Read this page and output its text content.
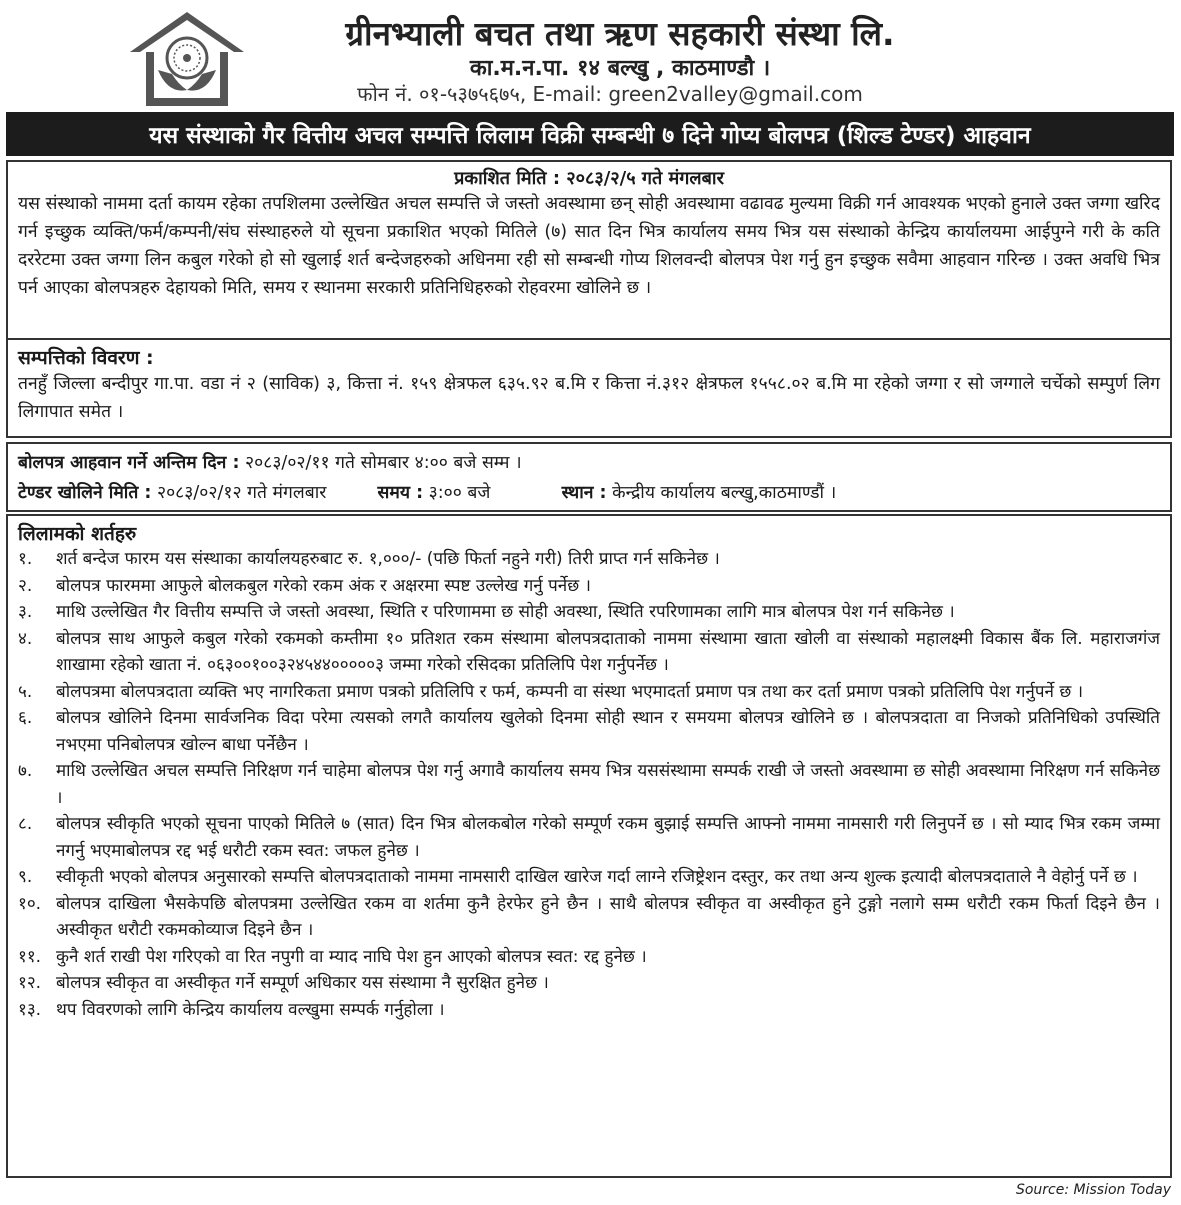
ग्रीनभ्याली बचत तथा ऋण सहकारी संस्था लि.
का.म.न.पा. १४ बल्खु , काठमाण्डौ ।
फोन नं. ०१-५३७५६७५, E-mail: green2valley@gmail.com
यस संस्थाको गैर वित्तीय अचल सम्पत्ति लिलाम विक्री सम्बन्धी ७ दिने गोप्य बोलपत्र (शिल्ड टेण्डर) आहवान
प्रकाशित मिति : २०८३/२/५ गते मंगलबार
यस संस्थाको नाममा दर्ता कायम रहेका तपशिलमा उल्लेखित अचल सम्पत्ति जे जस्तो अवस्थामा छन् सोही अवस्थामा वढावढ मुल्यमा विक्री गर्न आवश्यक भएको हुनाले उक्त जग्गा खरिद गर्न इच्छुक व्यक्ति/फर्म/कम्पनी/संघ संस्थाहरुले यो सूचना प्रकाशित भएको मितिले (७) सात दिन भित्र कार्यालय समय भित्र यस संस्थाको केन्द्रिय कार्यालयमा आईपुग्ने गरी के कति दररेटमा उक्त जग्गा लिन कबुल गरेको हो सो खुलाई शर्त बन्देजहरुको अधिनमा रही सो सम्बन्धी गोप्य शिलवन्दी बोलपत्र पेश गर्नु हुन इच्छुक सवैमा आहवान गरिन्छ । उक्त अवधि भित्र पर्न आएका बोलपत्रहरु देहायको मिति, समय र स्थानमा सरकारी प्रतिनिधिहरुको रोहवरमा खोलिने छ ।
सम्पत्तिको विवरण :
तनहुँ जिल्ला बन्दीपुर गा.पा. वडा नं २ (साविक) ३, कित्ता नं. १५९ क्षेत्रफल ६३५.९२ ब.मि र कित्ता नं.३१२ क्षेत्रफल १५५८.०२ ब.मि मा रहेको जग्गा र सो जग्गाले चर्चेको सम्पुर्ण लिग लिगापात समेत ।
बोलपत्र आहवान गर्ने अन्तिम दिन : २०८३/०२/११ गते सोमबार ४:०० बजे सम्म ।
टेण्डर खोलिने मिति : २०८३/०२/१२ गते मंगलबार	समय : ३:०० बजे	स्थान : केन्द्रीय कार्यालय बल्खु,काठमाण्डौं ।
लिलामको शर्तहरु
१.	शर्त बन्देज फारम यस संस्थाका कार्यालयहरुबाट रु. १,०००/- (पछि फिर्ता नहुने गरी) तिरी प्राप्त गर्न सकिनेछ ।
२.	बोलपत्र फारममा आफुले बोलकबुल गरेको रकम अंक र अक्षरमा स्पष्ट उल्लेख गर्नु पर्नेछ ।
३.	माथि उल्लेखित गैर वित्तीय सम्पत्ति जे जस्तो अवस्था, स्थिति र परिणाममा छ सोही अवस्था, स्थिति रपरिणामका लागि मात्र बोलपत्र पेश गर्न सकिनेछ ।
४.	बोलपत्र साथ आफुले कबुल गरेको रकमको कम्तीमा १० प्रतिशत रकम संस्थामा बोलपत्रदाताको नाममा संस्थामा खाता खोली वा संस्थाको महालक्ष्मी विकास बैंक लि. महाराजगंज शाखामा रहेको खाता नं. ०६३००१००३२४५४४०००००३ जम्मा गरेको रसिदका प्रतिलिपि पेश गर्नुपर्नेछ ।
५.	बोलपत्रमा बोलपत्रदाता व्यक्ति भए नागरिकता प्रमाण पत्रको प्रतिलिपि र फर्म, कम्पनी वा संस्था भएमादर्ता प्रमाण पत्र तथा कर दर्ता प्रमाण पत्रको प्रतिलिपि पेश गर्नुपर्ने छ ।
६.	बोलपत्र खोलिने दिनमा सार्वजनिक विदा परेमा त्यसको लगतै कार्यालय खुलेको दिनमा सोही स्थान र समयमा बोलपत्र खोलिने छ । बोलपत्रदाता वा निजको प्रतिनिधिको उपस्थिति नभएमा पनिबोलपत्र खोल्न बाधा पर्नेछैन ।
७.	माथि उल्लेखित अचल सम्पत्ति निरिक्षण गर्न चाहेमा बोलपत्र पेश गर्नु अगावै कार्यालय समय भित्र यससंस्थामा सम्पर्क राखी जे जस्तो अवस्थामा छ सोही अवस्थामा निरिक्षण गर्न सकिनेछ ।
८.	बोलपत्र स्वीकृति भएको सूचना पाएको मितिले ७ (सात) दिन भित्र बोलकबोल गरेको सम्पूर्ण रकम बुझाई सम्पत्ति आफ्नो नाममा नामसारी गरी लिनुपर्ने छ । सो म्याद भित्र रकम जम्मा नगर्नु भएमाबोलपत्र रद्द भई धरौटी रकम स्वत: जफल हुनेछ ।
९.	स्वीकृती भएको बोलपत्र अनुसारको सम्पत्ति बोलपत्रदाताको नाममा नामसारी दाखिल खारेज गर्दा लाग्ने रजिष्ट्रेशन दस्तुर, कर तथा अन्य शुल्क इत्यादी बोलपत्रदाताले नै वेहोर्नु पर्ने छ ।
१०. बोलपत्र दाखिला भैसकेपछि बोलपत्रमा उल्लेखित रकम वा शर्तमा कुनै हेरफेर हुने छैन । साथै बोलपत्र स्वीकृत वा अस्वीकृत हुने टुङ्गो नलागे सम्म धरौटी रकम फिर्ता दिइने छैन । अस्वीकृत धरौटी रकमकोव्याज दिइने छैन ।
११. कुनै शर्त राखी पेश गरिएको वा रित नपुगी वा म्याद नाघि पेश हुन आएको बोलपत्र स्वत: रद्द हुनेछ ।
१२. बोलपत्र स्वीकृत वा अस्वीकृत गर्ने सम्पूर्ण अधिकार यस संस्थामा नै सुरक्षित हुनेछ ।
१३. थप विवरणको लागि केन्द्रिय कार्यालय वल्खुमा सम्पर्क गर्नुहोला ।
Source: Mission Today
